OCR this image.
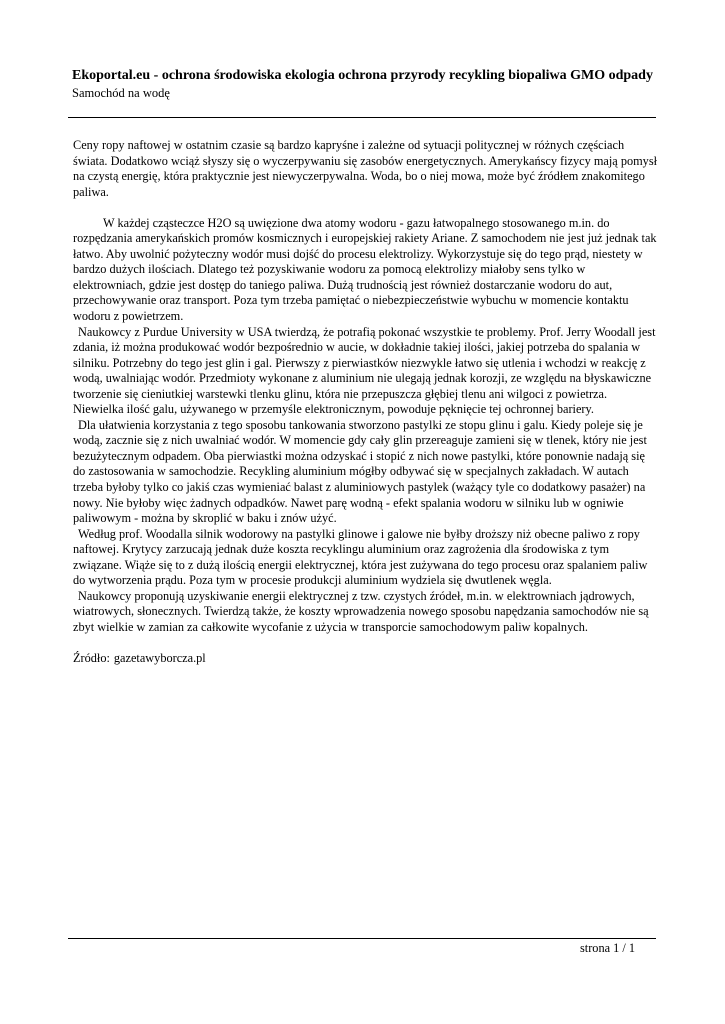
Ekoportal.eu - ochrona środowiska ekologia ochrona przyrody recykling biopaliwa GMO odpady
Samochód na wodę

Ceny ropy naftowej w ostatnim czasie są bardzo kapryśne i zależne od sytuacji politycznej w różnych częściach świata. Dodatkowo wciąż słyszy się o wyczerpywaniu się zasobów energetycznych. Amerykańscy fizycy mają pomysł na czystą energię, która praktycznie jest niewyczerpywalna. Woda, bo o niej mowa, może być źródłem znakomitego paliwa.

W każdej cząsteczce H2O są uwięzione dwa atomy wodoru - gazu łatwopalnego stosowanego m.in. do rozpędzania amerykańskich promów kosmicznych i europejskiej rakiety Ariane. Z samochodem nie jest już jednak tak łatwo. Aby uwolnić pożyteczny wodór musi dojść do procesu elektrolizy. Wykorzystuje się do tego prąd, niestety w bardzo dużych ilościach. Dlatego też pozyskiwanie wodoru za pomocą elektrolizy miałoby sens tylko w elektrowniach, gdzie jest dostęp do taniego paliwa. Dużą trudnością jest również dostarczanie wodoru do aut, przechowywanie oraz transport. Poza tym trzeba pamiętać o niebezpieczeństwie wybuchu w momencie kontaktu wodoru z powietrzem.

Naukowcy z Purdue University w USA twierdzą, że potrafią pokonać wszystkie te problemy. Prof. Jerry Woodall jest zdania, iż można produkować wodór bezpośrednio w aucie, w dokładnie takiej ilości, jakiej potrzeba do spalania w silniku. Potrzebny do tego jest glin i gal. Pierwszy z pierwiastków niezwykle łatwo się utlenia i wchodzi w reakcję z wodą, uwalniając wodór. Przedmioty wykonane z aluminium nie ulegają jednak korozji, ze względu na błyskawiczne tworzenie się cieniutkiej warstewki tlenku glinu, która nie przepuszcza głębiej tlenu ani wilgoci z powietrza. Niewielka ilość galu, używanego w przemyśle elektronicznym, powoduje pęknięcie tej ochronnej bariery.

Dla ułatwienia korzystania z tego sposobu tankowania stworzono pastylki ze stopu glinu i galu. Kiedy poleje się je wodą, zacznie się z nich uwalniać wodór. W momencie gdy cały glin przereaguje zamieni się w tlenek, który nie jest bezużytecznym odpadem. Oba pierwiastki można odzyskać i stopić z nich nowe pastylki, które ponownie nadają się do zastosowania w samochodzie. Recykling aluminium mógłby odbywać się w specjalnych zakładach. W autach trzeba byłoby tylko co jakiś czas wymieniać balast z aluminiowych pastylek (ważący tyle co dodatkowy pasażer) na nowy. Nie byłoby więc żadnych odpadków. Nawet parę wodną - efekt spalania wodoru w silniku lub w ogniwie paliwowym - można by skroplić w baku i znów użyć.

Według prof. Woodalla silnik wodorowy na pastylki glinowe i galowe nie byłby droższy niż obecne paliwo z ropy naftowej. Krytycy zarzucają jednak duże koszta recyklingu aluminium oraz zagrożenia dla środowiska z tym związane. Wiąże się to z dużą ilością energii elektrycznej, która jest zużywana do tego procesu oraz spalaniem paliw do wytworzenia prądu. Poza tym w procesie produkcji aluminium wydziela się dwutlenek węgla.

Naukowcy proponują uzyskiwanie energii elektrycznej z tzw. czystych źródeł, m.in. w elektrowniach jądrowych, wiatrowych, słonecznych. Twierdzą także, że koszty wprowadzenia nowego sposobu napędzania samochodów nie są zbyt wielkie w zamian za całkowite wycofanie z użycia w transporcie samochodowym paliw kopalnych.

Źródło: gazetawyborcza.pl

strona 1 / 1
